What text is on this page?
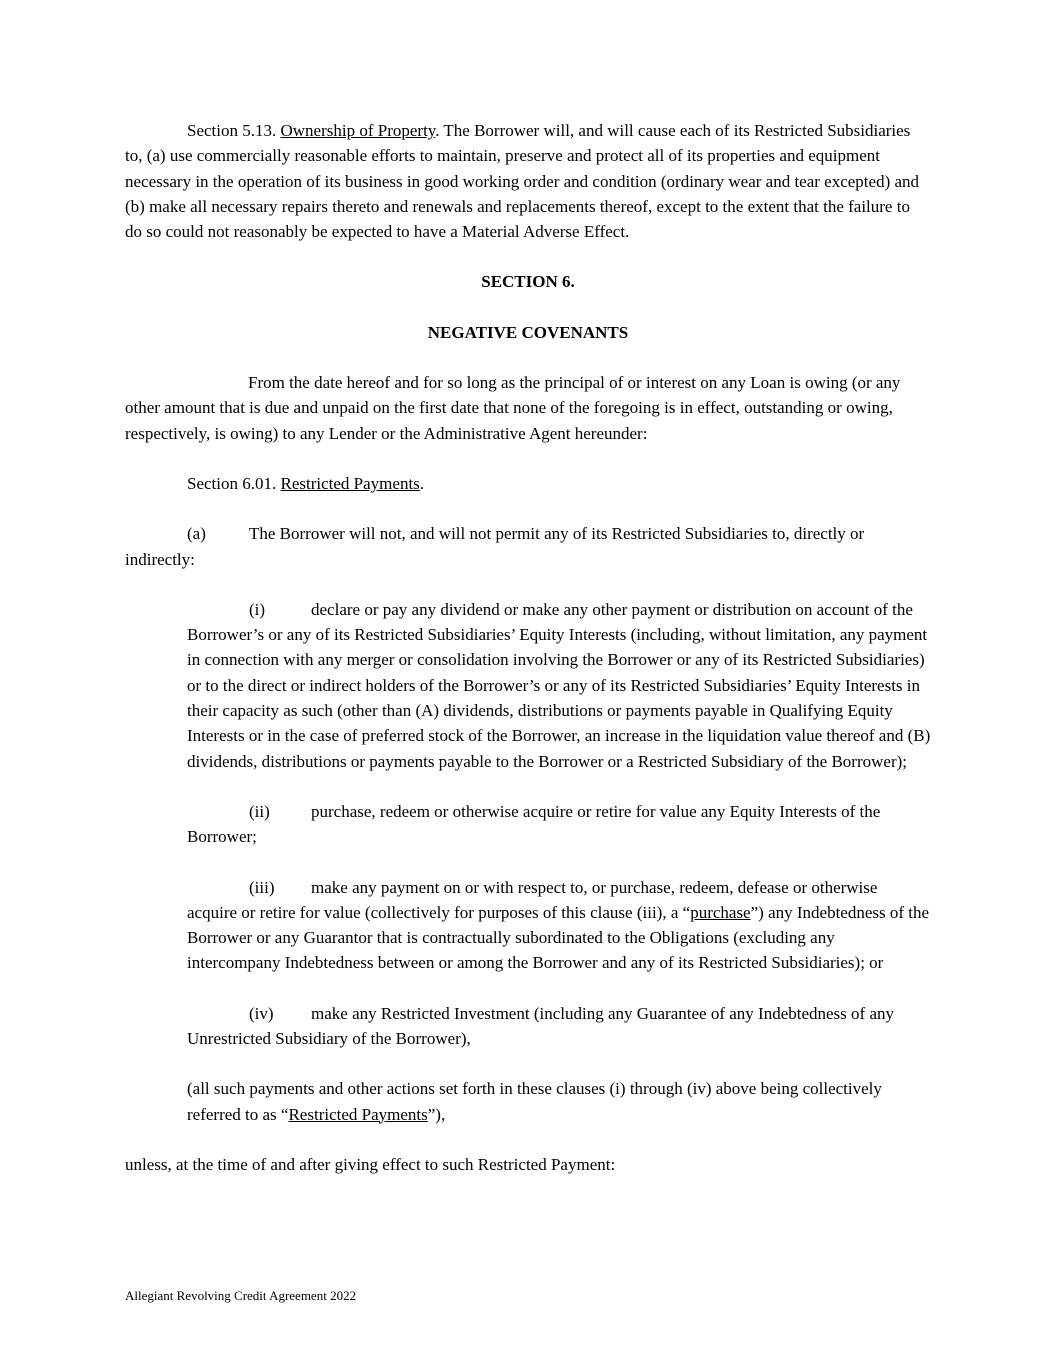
Section 5.13. Ownership of Property. The Borrower will, and will cause each of its Restricted Subsidiaries to, (a) use commercially reasonable efforts to maintain, preserve and protect all of its properties and equipment necessary in the operation of its business in good working order and condition (ordinary wear and tear excepted) and (b) make all necessary repairs thereto and renewals and replacements thereof, except to the extent that the failure to do so could not reasonably be expected to have a Material Adverse Effect.

SECTION 6.
NEGATIVE COVENANTS

From the date hereof and for so long as the principal of or interest on any Loan is owing (or any other amount that is due and unpaid on the first date that none of the foregoing is in effect, outstanding or owing, respectively, is owing) to any Lender or the Administrative Agent hereunder:

Section 6.01. Restricted Payments.

(a)	The Borrower will not, and will not permit any of its Restricted Subsidiaries to, directly or indirectly:

(i)	declare or pay any dividend or make any other payment or distribution on account of the Borrower’s or any of its Restricted Subsidiaries’ Equity Interests (including, without limitation, any payment in connection with any merger or consolidation involving the Borrower or any of its Restricted Subsidiaries) or to the direct or indirect holders of the Borrower’s or any of its Restricted Subsidiaries’ Equity Interests in their capacity as such (other than (A) dividends, distributions or payments payable in Qualifying Equity Interests or in the case of preferred stock of the Borrower, an increase in the liquidation value thereof and (B) dividends, distributions or payments payable to the Borrower or a Restricted Subsidiary of the Borrower);
(ii) purchase, redeem or otherwise acquire or retire for value any Equity Interests of the Borrower;
(iii) make any payment on or with respect to, or purchase, redeem, defease or otherwise acquire or retire for value (collectively for purposes of this clause (iii), a “purchase”) any Indebtedness of the Borrower or any Guarantor that is contractually subordinated to the Obligations (excluding any intercompany Indebtedness between or among the Borrower and any of its Restricted Subsidiaries); or
(iv) make any Restricted Investment (including any Guarantee of any Indebtedness of any Unrestricted Subsidiary of the Borrower),

(all such payments and other actions set forth in these clauses (i) through (iv) above being collectively referred to as “Restricted Payments”),

unless, at the time of and after giving effect to such Restricted Payment:

Allegiant Revolving Credit Agreement 2022
